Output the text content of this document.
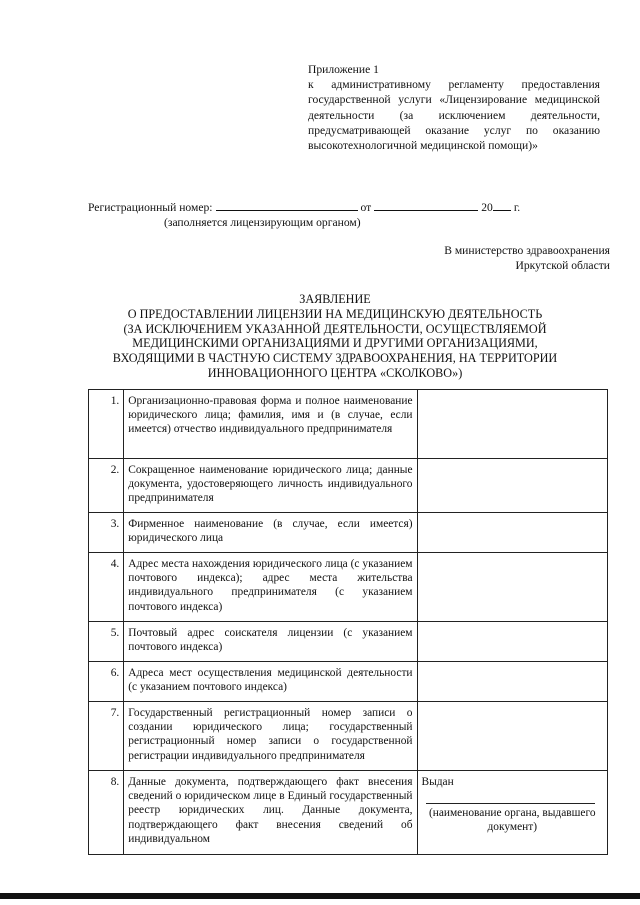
Приложение 1
к административному регламенту предоставления государственной услуги «Лицензирование медицинской деятельности (за исключением деятельности, предусматривающей оказание услуг по оказанию высокотехнологичной медицинской помощи)»
Регистрационный номер:	от	20 г.
(заполняется лицензирующим органом)
В министерство здравоохранения
Иркутской области
ЗАЯВЛЕНИЕ
О ПРЕДОСТАВЛЕНИИ ЛИЦЕНЗИИ НА МЕДИЦИНСКУЮ ДЕЯТЕЛЬНОСТЬ
(ЗА ИСКЛЮЧЕНИЕМ УКАЗАННОЙ ДЕЯТЕЛЬНОСТИ, ОСУЩЕСТВЛЯЕМОЙ
МЕДИЦИНСКИМИ ОРГАНИЗАЦИЯМИ И ДРУГИМИ ОРГАНИЗАЦИЯМИ,
ВХОДЯЩИМИ В ЧАСТНУЮ СИСТЕМУ ЗДРАВООХРАНЕНИЯ, НА ТЕРРИТОРИИ
ИННОВАЦИОННОГО ЦЕНТРА «СКОЛКОВО»)
1.	Организационно-правовая форма и полное наименование юридического лица; фамилия, имя и (в случае, если имеется) отчество индивидуального предпринимателя	
2.	Сокращенное наименование юридического лица; данные документа, удостоверяющего личность индивидуального предпринимателя	
3.	Фирменное наименование (в случае, если имеется) юридического лица	
4.	Адрес места нахождения юридического лица (с указанием почтового индекса); адрес места жительства индивидуального предпринимателя (с указанием почтового индекса)	
5.	Почтовый адрес соискателя лицензии (с указанием почтового индекса)	
6.	Адреса мест осуществления медицинской деятельности (с указанием почтового индекса)	
7.	Государственный регистрационный номер записи о создании юридического лица; государственный регистрационный номер записи о государственной регистрации индивидуального предпринимателя	
8.	Данные документа, подтверждающего факт внесения сведений о юридическом лице в Единый государственный реестр юридических лиц. Данные документа, подтверждающего факт внесения сведений об индивидуальном	Выдан
(наименование органа, выдавшего документ)
